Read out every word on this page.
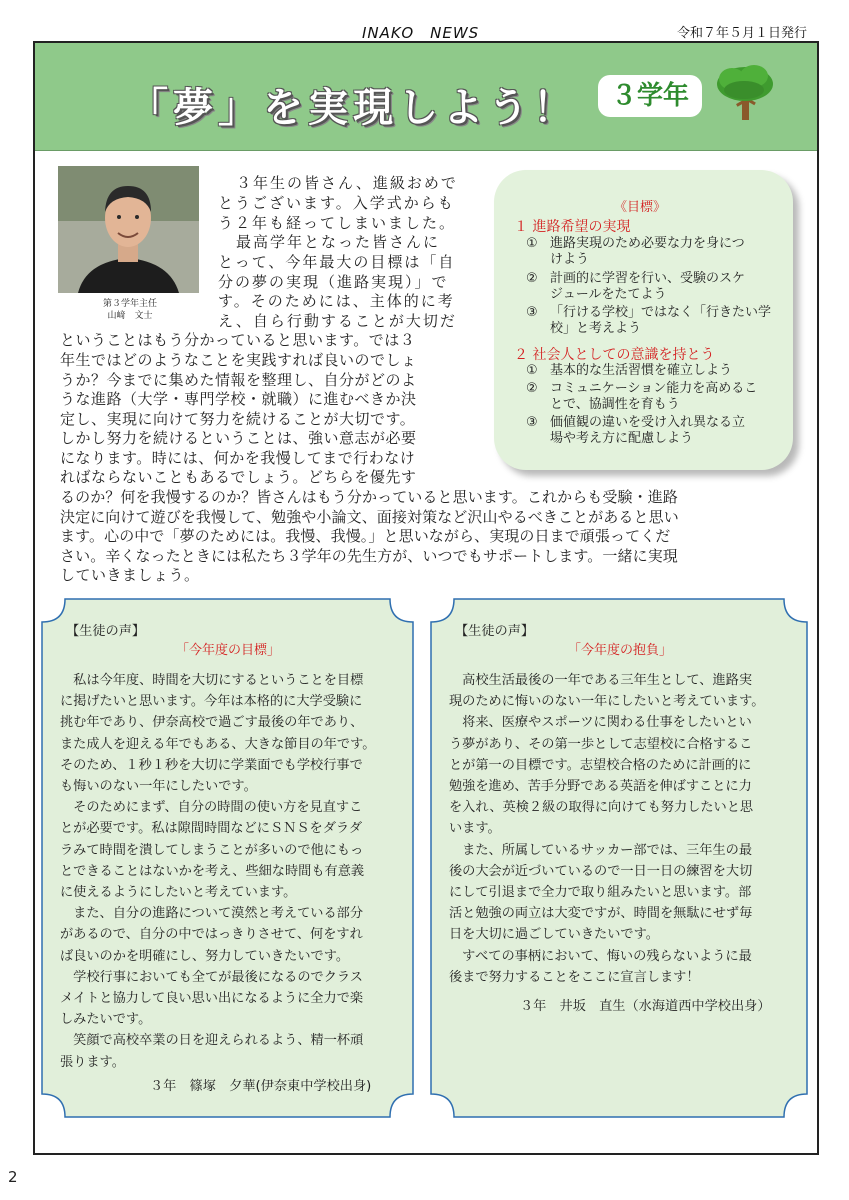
INAKO　NEWS	令和７年５月１日発行
「夢」を実現しよう！	３学年
第３学年主任
山﨑　文士
３年生の皆さん、進級おめで
とうございます。入学式からも
う２年も経ってしまいました。
最高学年となった皆さんに
とって、今年最大の目標は「自
分の夢の実現（進路実現）」で
す。そのためには、主体的に考
え、自ら行動することが大切だ
ということはもう分かっていると思います。では３
年生ではどのようなことを実践すれば良いのでしょ
うか？今までに集めた情報を整理し、自分がどのよ
うな進路（大学・専門学校・就職）に進むべきか決
定し、実現に向けて努力を続けることが大切です。
しかし努力を続けるということは、強い意志が必要
になります。時には、何かを我慢してまで行わなけ
ればならないこともあるでしょう。どちらを優先す
るのか？何を我慢するのか？皆さんはもう分かっていると思います。これからも受験・進路
決定に向けて遊びを我慢して、勉強や小論文、面接対策など沢山やるべきことがあると思い
ます。心の中で「夢のためには。我慢、我慢。」と思いながら、実現の日まで頑張ってくだ
さい。辛くなったときには私たち３学年の先生方が、いつでもサポートします。一緒に実現
していきましょう。
《目標》
１ 進路希望の実現
① 進路実現のため必要な力を身につ
けよう
② 計画的に学習を行い、受験のスケ
ジュールをたてよう
③ 「行ける学校」ではなく「行きたい学
校」と考えよう
２ 社会人としての意識を持とう
① 基本的な生活習慣を確立しよう
② コミュニケーション能力を高めるこ
とで、協調性を育もう
③ 価値観の違いを受け入れ異なる立
場や考え方に配慮しよう
【生徒の声】
「今年度の目標」
　私は今年度、時間を大切にするということを目標
に掲げたいと思います。今年は本格的に大学受験に
挑む年であり、伊奈高校で過ごす最後の年であり、
また成人を迎える年でもある、大きな節目の年です。
そのため、１秒１秒を大切に学業面でも学校行事で
も悔いのない一年にしたいです。
　そのためにまず、自分の時間の使い方を見直すこ
とが必要です。私は隙間時間などにＳＮＳをダラダ
ラみて時間を潰してしまうことが多いので他にもっ
とできることはないかを考え、些細な時間も有意義
に使えるようにしたいと考えています。
　また、自分の進路について漠然と考えている部分
があるので、自分の中ではっきりさせて、何をすれ
ば良いのかを明確にし、努力していきたいです。
　学校行事においても全てが最後になるのでクラス
メイトと協力して良い思い出になるように全力で楽
しみたいです。
　笑顔で高校卒業の日を迎えられるよう、精一杯頑
張ります。
３年　篠塚　夕華(伊奈東中学校出身)
【生徒の声】
「今年度の抱負」
　高校生活最後の一年である三年生として、進路実
現のために悔いのない一年にしたいと考えています。
　将来、医療やスポーツに関わる仕事をしたいとい
う夢があり、その第一歩として志望校に合格するこ
とが第一の目標です。志望校合格のために計画的に
勉強を進め、苦手分野である英語を伸ばすことに力
を入れ、英検２級の取得に向けても努力したいと思
います。
　また、所属しているサッカー部では、三年生の最
後の大会が近づいているので一日一日の練習を大切
にして引退まで全力で取り組みたいと思います。部
活と勉強の両立は大変ですが、時間を無駄にせず毎
日を大切に過ごしていきたいです。
　すべての事柄において、悔いの残らないように最
後まで努力することをここに宣言します！
３年　井坂　直生（水海道西中学校出身）
2
